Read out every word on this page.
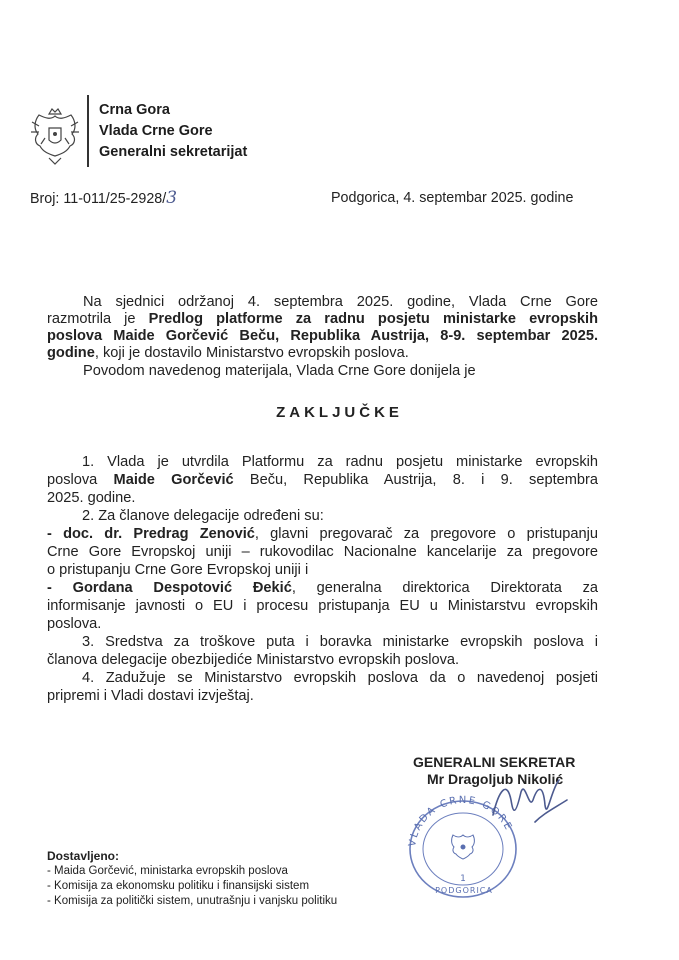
Crna Gora
Vlada Crne Gore
Generalni sekretarijat
Broj: 11-011/25-2928/3	Podgorica, 4. septembar 2025. godine
Na sjednici održanoj 4. septembra 2025. godine, Vlada Crne Gore
razmotrila je Predlog platforme za radnu posjetu ministarke evropskih
poslova Maide Gorčević Beču, Republika Austrija, 8-9. septembar 2025.
godine, koji je dostavilo Ministarstvo evropskih poslova.
Povodom navedenog materijala, Vlada Crne Gore donijela je
ZAKLJUČKE
1. Vlada je utvrdila Platformu za radnu posjetu ministarke evropskih
poslova Maide Gorčević Beču, Republika Austrija, 8. i 9. septembra
2025. godine.
2. Za članove delegacije određeni su:
- doc. dr. Predrag Zenović, glavni pregovarač za pregovore o pristupanju
Crne Gore Evropskoj uniji – rukovodilac Nacionalne kancelarije za pregovore
o pristupanju Crne Gore Evropskoj uniji i
- Gordana Despotović Đekić, generalna direktorica Direktorata za
informisanje javnosti o EU i procesu pristupanja EU u Ministarstvu evropskih
poslova.
3. Sredstva za troškove puta i boravka ministarke evropskih poslova i
članova delegacije obezbijediće Ministarstvo evropskih poslova.
4. Zadužuje se Ministarstvo evropskih poslova da o navedenoj posjeti
pripremi i Vladi dostavi izvještaj.
GENERALNI SEKRETAR
Mr Dragoljub Nikolić
VLADA CRNE GORE
1
PODGORICA
Dostavljeno:
- Maida Gorčević, ministarka evropskih poslova
- Komisija za ekonomsku politiku i finansijski sistem
- Komisija za politički sistem, unutrašnju i vanjsku politiku
